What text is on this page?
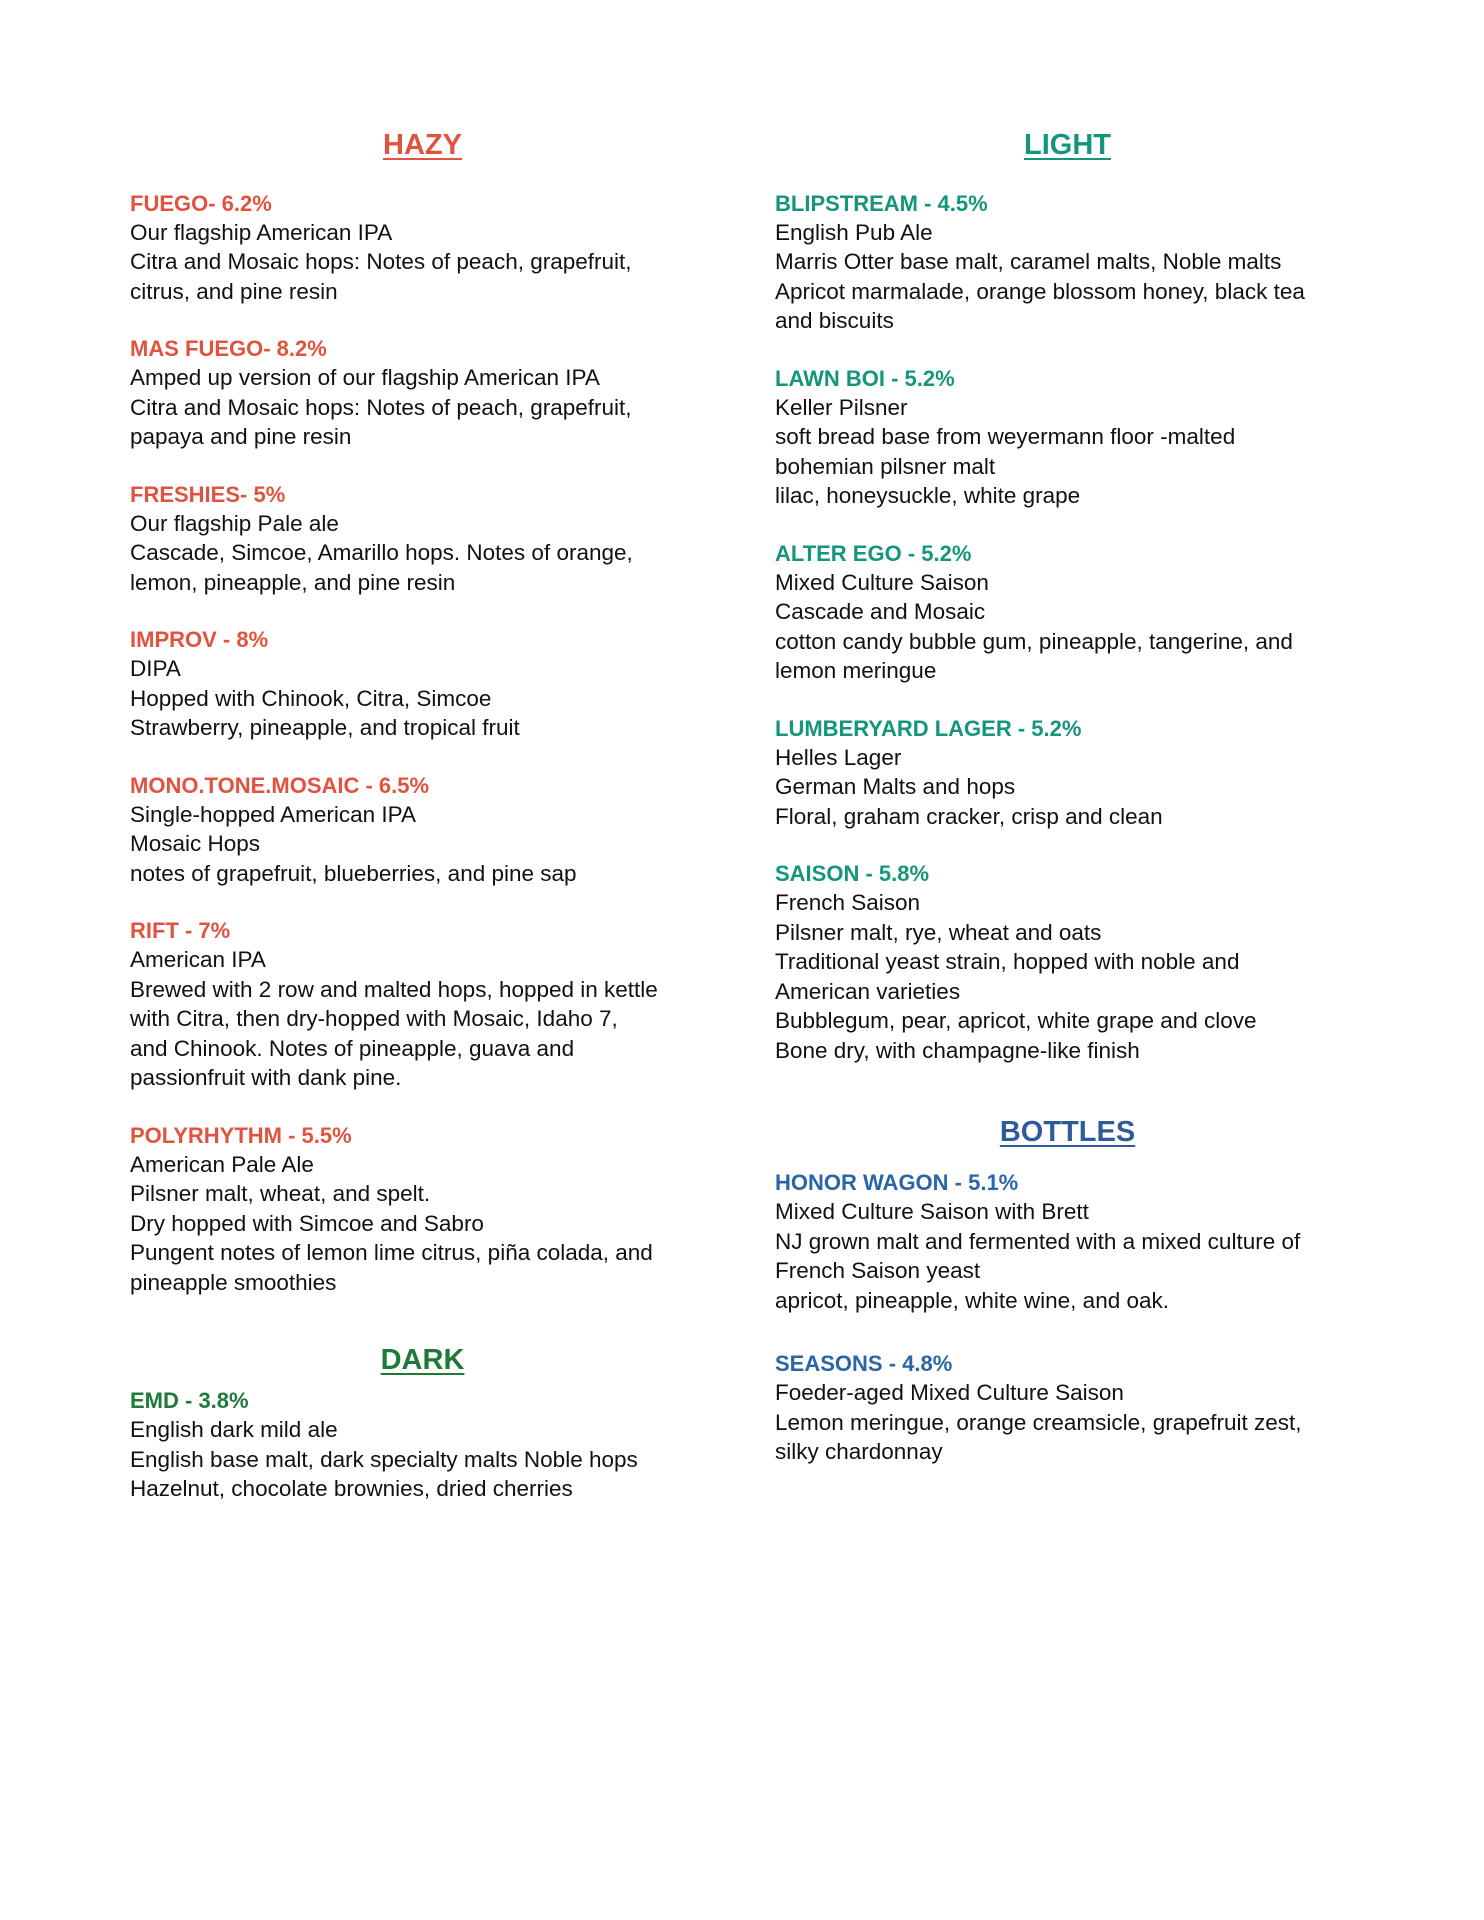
HAZY
FUEGO- 6.2%
Our flagship American IPA
Citra and Mosaic hops: Notes of peach, grapefruit,
citrus, and pine resin
MAS FUEGO- 8.2%
Amped up version of our flagship American IPA
Citra and Mosaic hops: Notes of peach, grapefruit,
papaya and pine resin
FRESHIES- 5%
Our flagship Pale ale
Cascade, Simcoe, Amarillo hops. Notes of orange,
lemon, pineapple, and pine resin
IMPROV - 8%
DIPA
Hopped with Chinook, Citra, Simcoe
Strawberry, pineapple, and tropical fruit
MONO.TONE.MOSAIC - 6.5%
Single-hopped American IPA
Mosaic Hops
notes of grapefruit, blueberries, and pine sap
RIFT - 7%
American IPA
Brewed with 2 row and malted hops, hopped in kettle
with Citra, then dry-hopped with Mosaic, Idaho 7,
and Chinook. Notes of pineapple, guava and
passionfruit with dank pine.
POLYRHYTHM - 5.5%
American Pale Ale
Pilsner malt, wheat, and spelt.
Dry hopped with Simcoe and Sabro
Pungent notes of lemon lime citrus, piña colada, and
pineapple smoothies
DARK
EMD - 3.8%
English dark mild ale
English base malt, dark specialty malts Noble hops
Hazelnut, chocolate brownies, dried cherries
LIGHT
BLIPSTREAM - 4.5%
English Pub Ale
Marris Otter base malt, caramel malts, Noble malts
Apricot marmalade, orange blossom honey, black tea
and biscuits
LAWN BOI - 5.2%
Keller Pilsner
soft bread base from weyermann floor -malted
bohemian pilsner malt
lilac, honeysuckle, white grape
ALTER EGO - 5.2%
Mixed Culture Saison
Cascade and Mosaic
cotton candy bubble gum, pineapple, tangerine, and
lemon meringue
LUMBERYARD LAGER - 5.2%
Helles Lager
German Malts and hops
Floral, graham cracker, crisp and clean
SAISON - 5.8%
French Saison
Pilsner malt, rye, wheat and oats
Traditional yeast strain, hopped with noble and
American varieties
Bubblegum, pear, apricot, white grape and clove
Bone dry, with champagne-like finish
BOTTLES
HONOR WAGON - 5.1%
Mixed Culture Saison with Brett
NJ grown malt and fermented with a mixed culture of
French Saison yeast
apricot, pineapple, white wine, and oak.
SEASONS - 4.8%
Foeder-aged Mixed Culture Saison
Lemon meringue, orange creamsicle, grapefruit zest,
silky chardonnay
